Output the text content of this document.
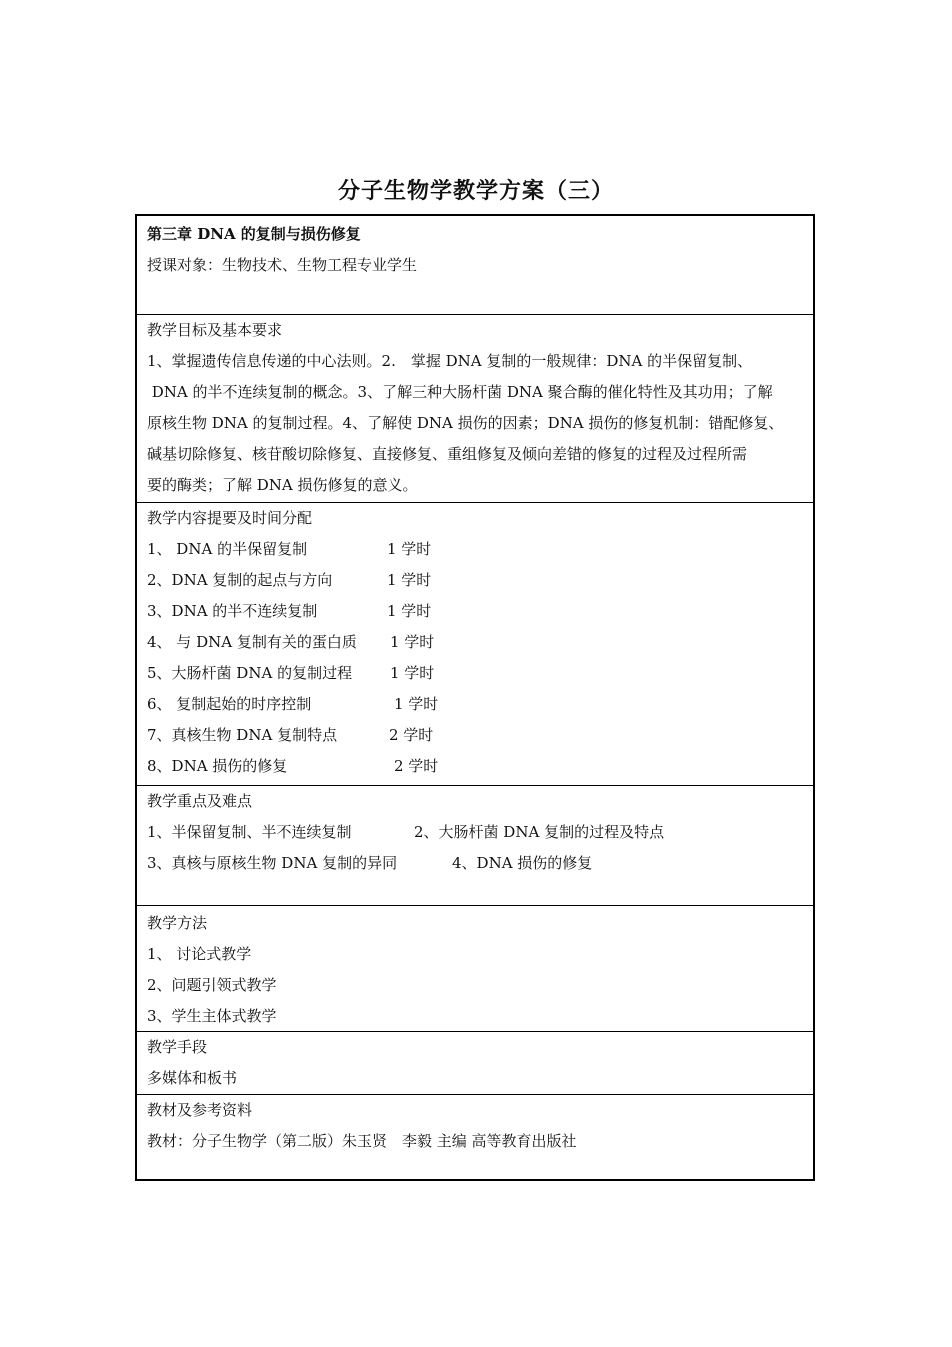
分子生物学教学方案（三）
第三章 DNA 的复制与损伤修复
授课对象：生物技术、生物工程专业学生
教学目标及基本要求
1、掌握遗传信息传递的中心法则。2.　掌握 DNA 复制的一般规律：DNA 的半保留复制、
DNA 的半不连续复制的概念。3、了解三种大肠杆菌 DNA 聚合酶的催化特性及其功用；了解
原核生物 DNA 的复制过程。4、了解使 DNA 损伤的因素；DNA 损伤的修复机制：错配修复、
碱基切除修复、核苷酸切除修复、直接修复、重组修复及倾向差错的修复的过程及过程所需
要的酶类；了解 DNA 损伤修复的意义。
教学内容提要及时间分配
1、 DNA 的半保留复制	1 学时
2、DNA 复制的起点与方向	1 学时
3、DNA 的半不连续复制	1 学时
4、 与 DNA 复制有关的蛋白质	1 学时
5、大肠杆菌 DNA 的复制过程	1 学时
6、 复制起始的时序控制	1 学时
7、真核生物 DNA 复制特点	2 学时
8、DNA 损伤的修复	2 学时
教学重点及难点
1、半保留复制、半不连续复制	2、大肠杆菌 DNA 复制的过程及特点
3、真核与原核生物 DNA 复制的异同	4、DNA 损伤的修复
教学方法
1、 讨论式教学
2、问题引领式教学
3、学生主体式教学
教学手段
多媒体和板书
教材及参考资料
教材：分子生物学（第二版）朱玉贤　李毅 主编 高等教育出版社
